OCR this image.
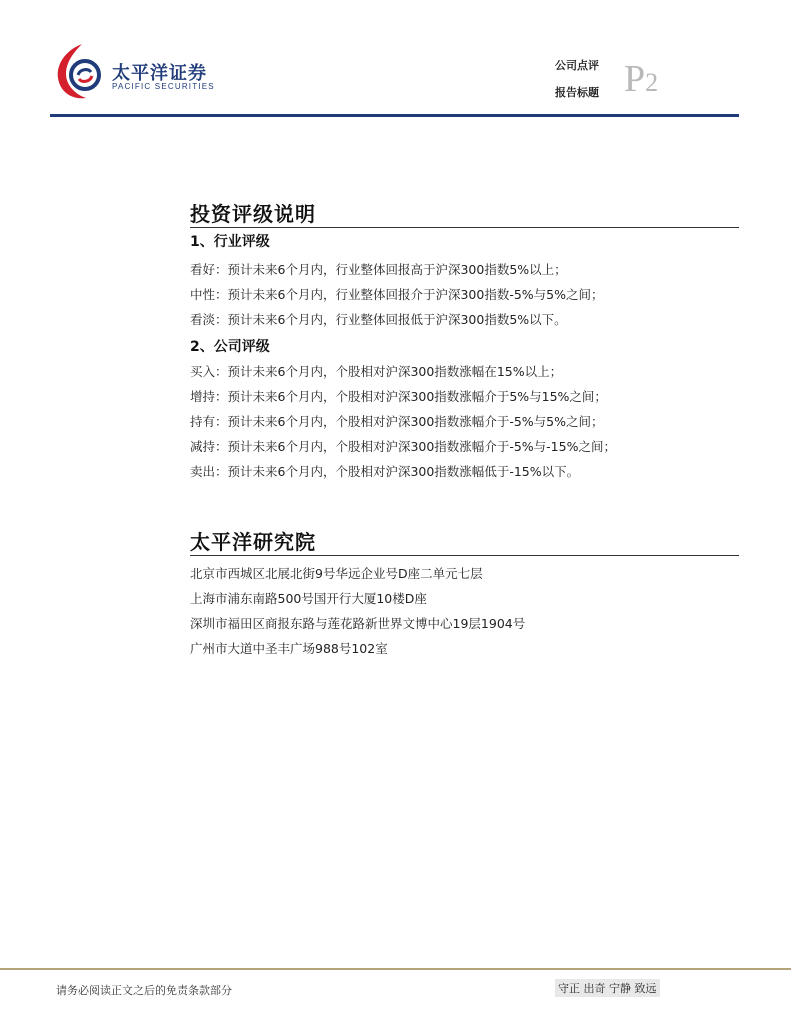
太平洋证券
PACIFIC SECURITIES
公司点评
报告标题 P2
投资评级说明
1、行业评级
看好：预计未来6个月内，行业整体回报高于沪深300指数5%以上；
中性：预计未来6个月内，行业整体回报介于沪深300指数-5%与5%之间；
看淡：预计未来6个月内，行业整体回报低于沪深300指数5%以下。
2、公司评级
买入：预计未来6个月内，个股相对沪深300指数涨幅在15%以上；
增持：预计未来6个月内，个股相对沪深300指数涨幅介于5%与15%之间；
持有：预计未来6个月内，个股相对沪深300指数涨幅介于-5%与5%之间；
减持：预计未来6个月内，个股相对沪深300指数涨幅介于-5%与-15%之间；
卖出：预计未来6个月内，个股相对沪深300指数涨幅低于-15%以下。
太平洋研究院
北京市西城区北展北街9号华远企业号D座二单元七层
上海市浦东南路500号国开行大厦10楼D座
深圳市福田区商报东路与莲花路新世界文博中心19层1904号
广州市大道中圣丰广场988号102室
请务必阅读正文之后的免责条款部分	守正 出奇 宁静 致远
